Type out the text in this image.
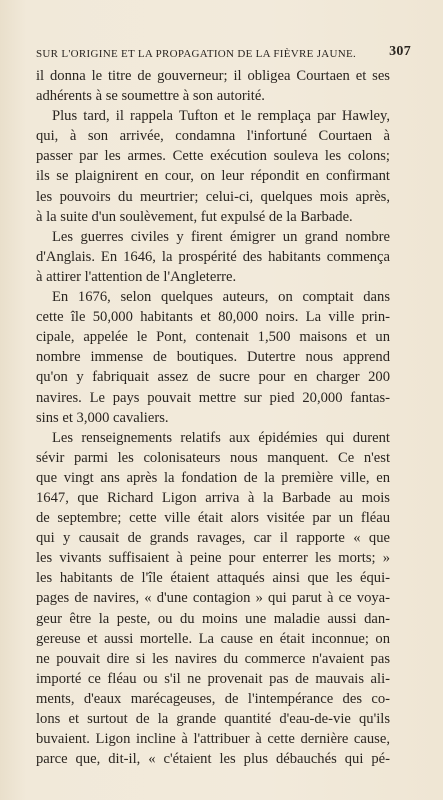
SUR L'ORIGINE ET LA PROPAGATION DE LA FIÈVRE JAUNE. 307
il donna le titre de gouverneur; il obligea Courtaen et ses
adhérents à se soumettre à son autorité.
Plus tard, il rappela Tufton et le remplaça par Hawley,
qui, à son arrivée, condamna l'infortuné Courtaen à
passer par les armes. Cette exécution souleva les colons;
ils se plaignirent en cour, on leur répondit en confirmant
les pouvoirs du meurtrier; celui-ci, quelques mois après,
à la suite d'un soulèvement, fut expulsé de la Barbade.
Les guerres civiles y firent émigrer un grand nombre
d'Anglais. En 1646, la prospérité des habitants commença
à attirer l'attention de l'Angleterre.
En 1676, selon quelques auteurs, on comptait dans
cette île 50,000 habitants et 80,000 noirs. La ville prin-
cipale, appelée le Pont, contenait 1,500 maisons et un
nombre immense de boutiques. Dutertre nous apprend
qu'on y fabriquait assez de sucre pour en charger 200
navires. Le pays pouvait mettre sur pied 20,000 fantas-
sins et 3,000 cavaliers.
Les renseignements relatifs aux épidémies qui durent
sévir parmi les colonisateurs nous manquent. Ce n'est
que vingt ans après la fondation de la première ville, en
1647, que Richard Ligon arriva à la Barbade au mois
de septembre; cette ville était alors visitée par un fléau
qui y causait de grands ravages, car il rapporte « que
les vivants suffisaient à peine pour enterrer les morts; »
les habitants de l'île étaient attaqués ainsi que les équi-
pages de navires, « d'une contagion » qui parut à ce voya-
geur être la peste, ou du moins une maladie aussi dan-
gereuse et aussi mortelle. La cause en était inconnue; on
ne pouvait dire si les navires du commerce n'avaient pas
importé ce fléau ou s'il ne provenait pas de mauvais ali-
ments, d'eaux marécageuses, de l'intempérance des co-
lons et surtout de la grande quantité d'eau-de-vie qu'ils
buvaient. Ligon incline à l'attribuer à cette dernière cause,
parce que, dit-il, « c'étaient les plus débauchés qui pé-
